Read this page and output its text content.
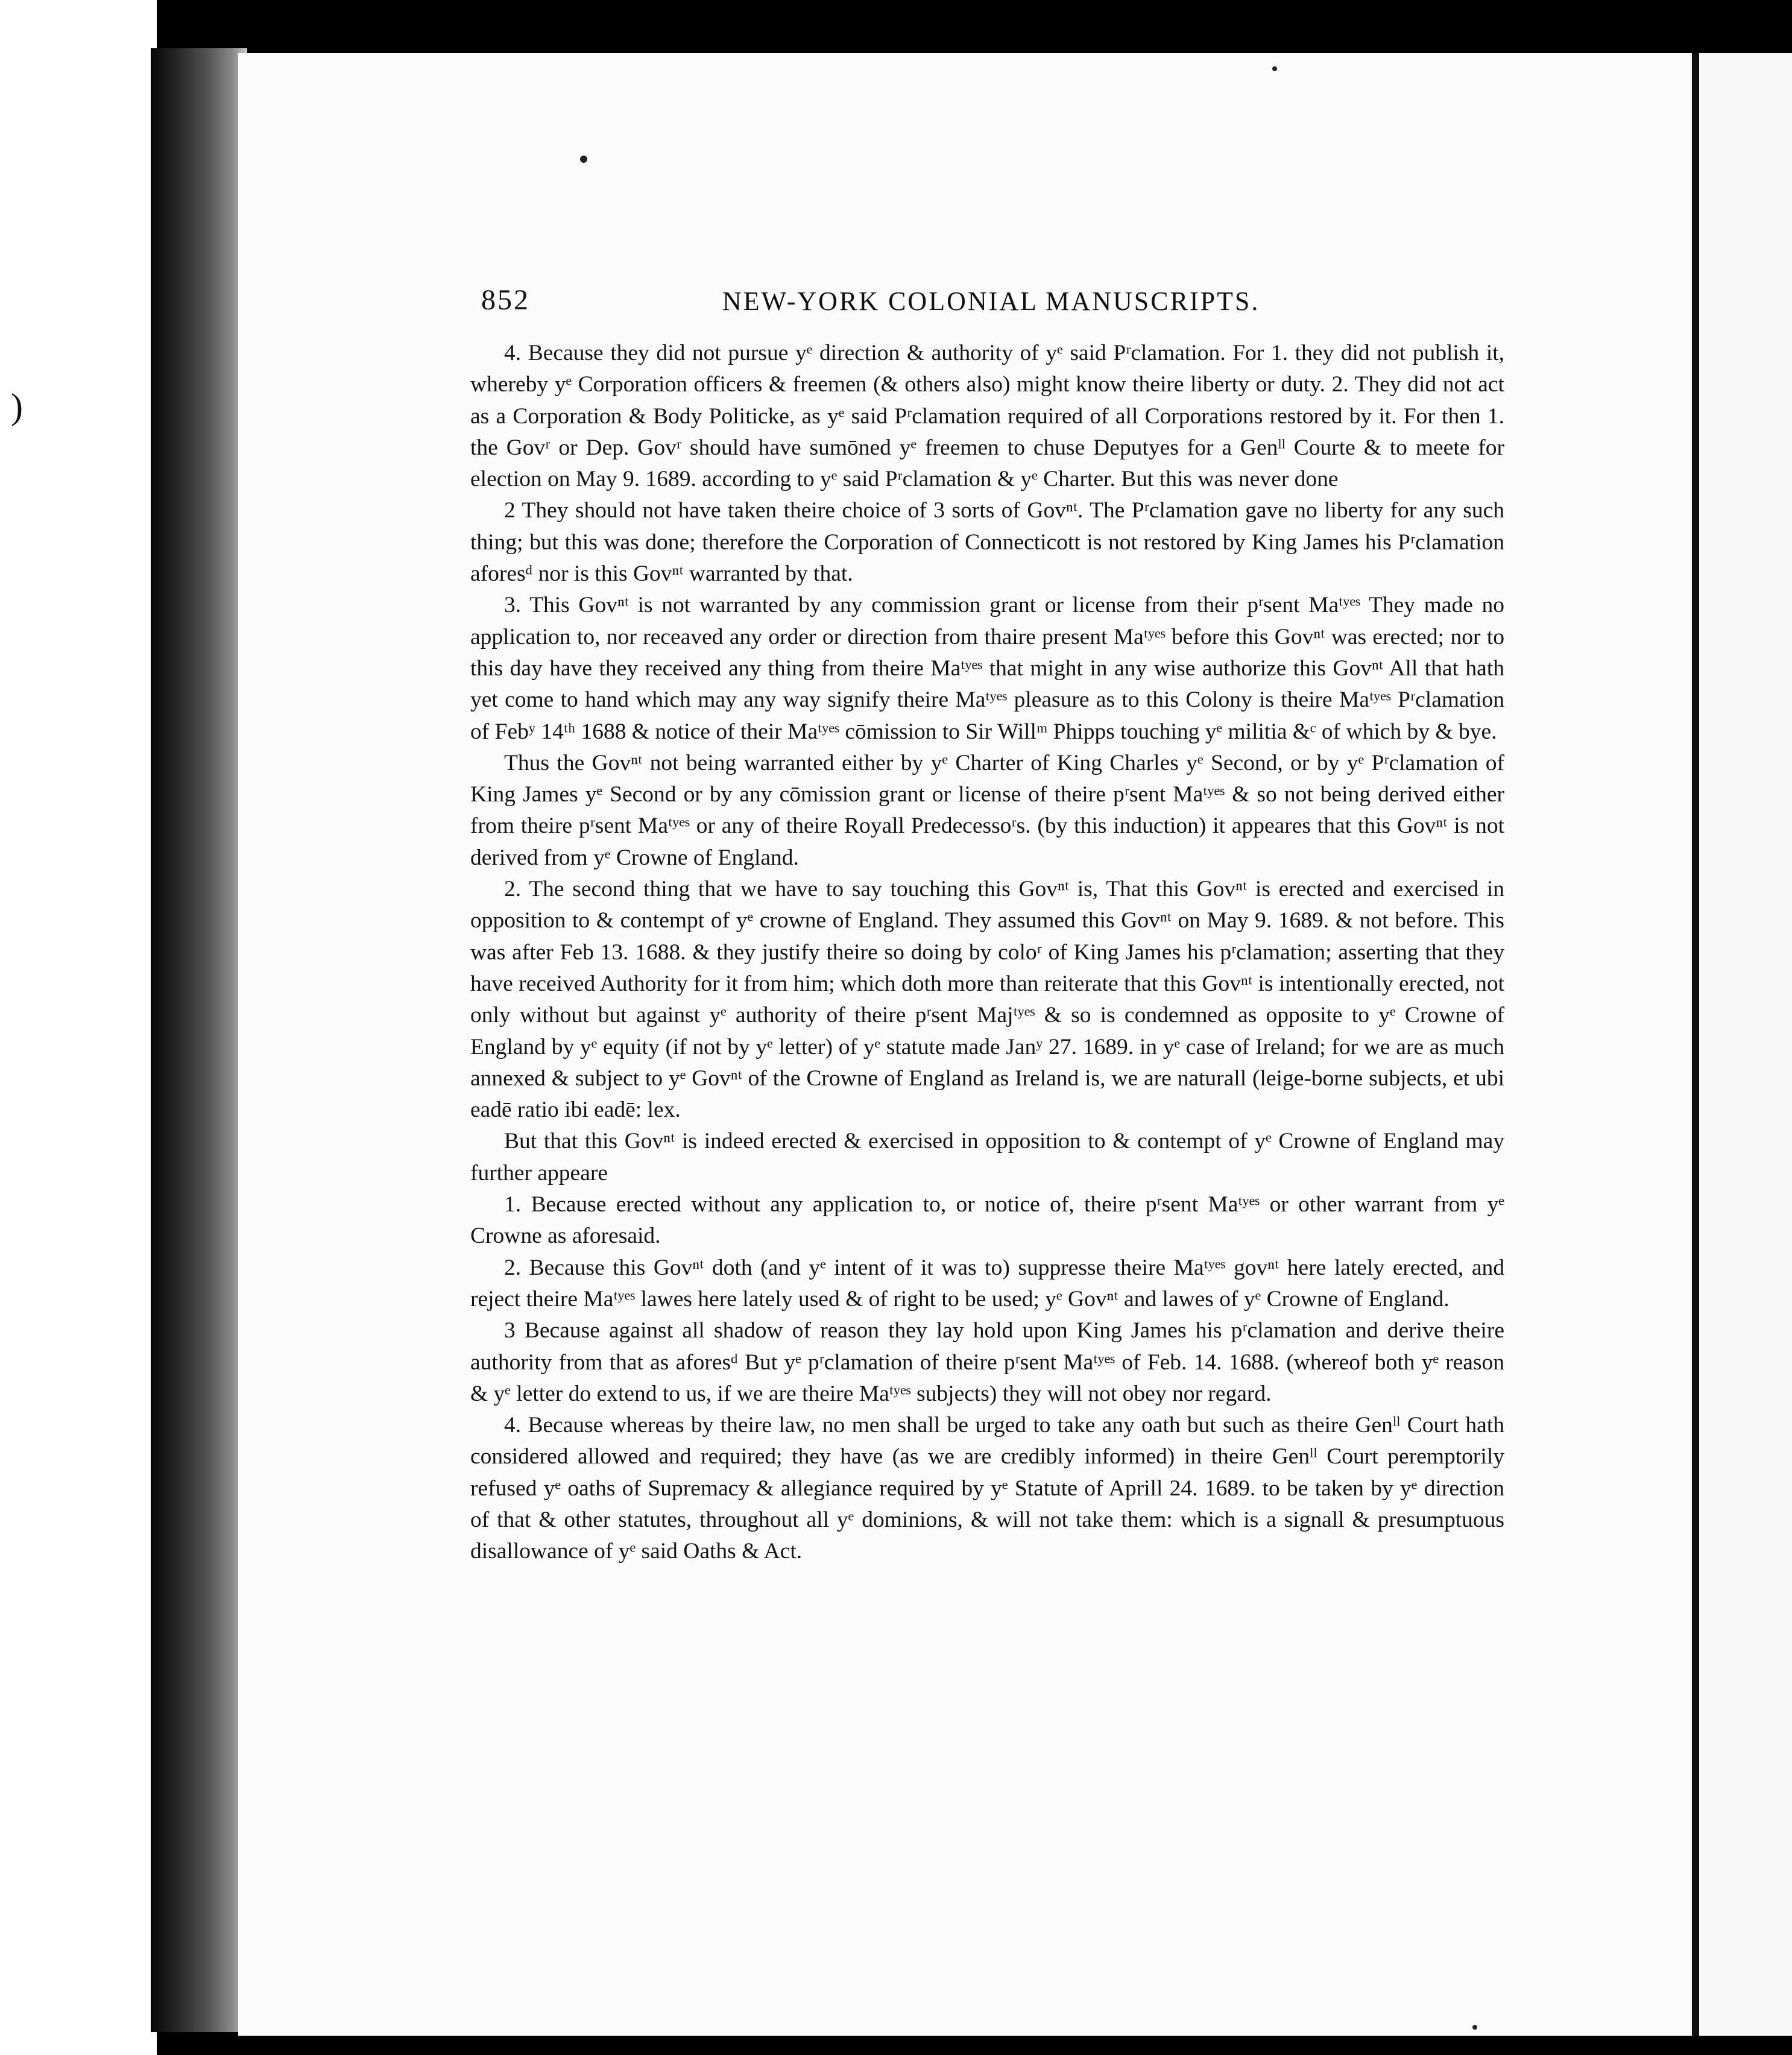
)
852	NEW-YORK COLONIAL MANUSCRIPTS.

4. Because they did not pursue yᵉ direction & authority of yᵉ said Pʳclamation. For 1. they did not publish it, whereby yᵉ Corporation officers & freemen (& others also) might know theire liberty or duty. 2. They did not act as a Corporation & Body Politicke, as yᵉ said Pʳclamation required of all Corporations restored by it. For then 1. the Govʳ or Dep. Govʳ should have sumōned yᵉ freemen to chuse Deputyes for a Genˡˡ Courte & to meete for election on May 9. 1689. according to yᵉ said Pʳclamation & yᵉ Charter. But this was never done

2 They should not have taken theire choice of 3 sorts of Govⁿᵗ. The Pʳclamation gave no liberty for any such thing; but this was done; therefore the Corporation of Connecticott is not restored by King James his Pʳclamation aforesᵈ nor is this Govⁿᵗ warranted by that.

3. This Govⁿᵗ is not warranted by any commission grant or license from their pʳsent Maᵗʸᵉˢ They made no application to, nor receaved any order or direction from thaire present Maᵗʸᵉˢ before this Govⁿᵗ was erected; nor to this day have they received any thing from theire Maᵗʸᵉˢ that might in any wise authorize this Govⁿᵗ All that hath yet come to hand which may any way signify theire Maᵗʸᵉˢ pleasure as to this Colony is theire Maᵗʸᵉˢ Pʳclamation of Febʸ 14ᵗʰ 1688 & notice of their Maᵗʸᵉˢ cōmission to Sir Willᵐ Phipps touching yᵉ militia &ᶜ of which by & bye.

Thus the Govⁿᵗ not being warranted either by yᵉ Charter of King Charles yᵉ Second, or by yᵉ Pʳclamation of King James yᵉ Second or by any cōmission grant or license of theire pʳsent Maᵗʸᵉˢ & so not being derived either from theire pʳsent Maᵗʸᵉˢ or any of theire Royall Predecessoʳs. (by this induction) it appeares that this Govⁿᵗ is not derived from yᵉ Crowne of England.

2. The second thing that we have to say touching this Govⁿᵗ is, That this Govⁿᵗ is erected and exercised in opposition to & contempt of yᵉ crowne of England. They assumed this Govⁿᵗ on May 9. 1689. & not before. This was after Feb 13. 1688. & they justify theire so doing by coloʳ of King James his pʳclamation; asserting that they have received Authority for it from him; which doth more than reiterate that this Govⁿᵗ is intentionally erected, not only without but against yᵉ authority of theire pʳsent Majᵗʸᵉˢ & so is condemned as opposite to yᵉ Crowne of England by yᵉ equity (if not by yᵉ letter) of yᵉ statute made Janʸ 27. 1689. in yᵉ case of Ireland; for we are as much annexed & subject to yᵉ Govⁿᵗ of the Crowne of England as Ireland is, we are naturall (leige-borne subjects, et ubi eadē ratio ibi eadē: lex.

But that this Govⁿᵗ is indeed erected & exercised in opposition to & contempt of yᵉ Crowne of England may further appeare

1. Because erected without any application to, or notice of, theire pʳsent Maᵗʸᵉˢ or other warrant from yᵉ Crowne as aforesaid.

2. Because this Govⁿᵗ doth (and yᵉ intent of it was to) suppresse theire Maᵗʸᵉˢ govⁿᵗ here lately erected, and reject theire Maᵗʸᵉˢ lawes here lately used & of right to be used; yᵉ Govⁿᵗ and lawes of yᵉ Crowne of England.

3 Because against all shadow of reason they lay hold upon King James his pʳclamation and derive theire authority from that as aforesᵈ But yᵉ pʳclamation of theire pʳsent Maᵗʸᵉˢ of Feb. 14. 1688. (whereof both yᵉ reason & yᵉ letter do extend to us, if we are theire Maᵗʸᵉˢ subjects) they will not obey nor regard.

4. Because whereas by theire law, no men shall be urged to take any oath but such as theire Genˡˡ Court hath considered allowed and required; they have (as we are credibly informed) in theire Genˡˡ Court peremptorily refused yᵉ oaths of Supremacy & allegiance required by yᵉ Statute of Aprill 24. 1689. to be taken by yᵉ direction of that & other statutes, throughout all yᵉ dominions, & will not take them: which is a signall & presumptuous disallowance of yᵉ said Oaths & Act.
